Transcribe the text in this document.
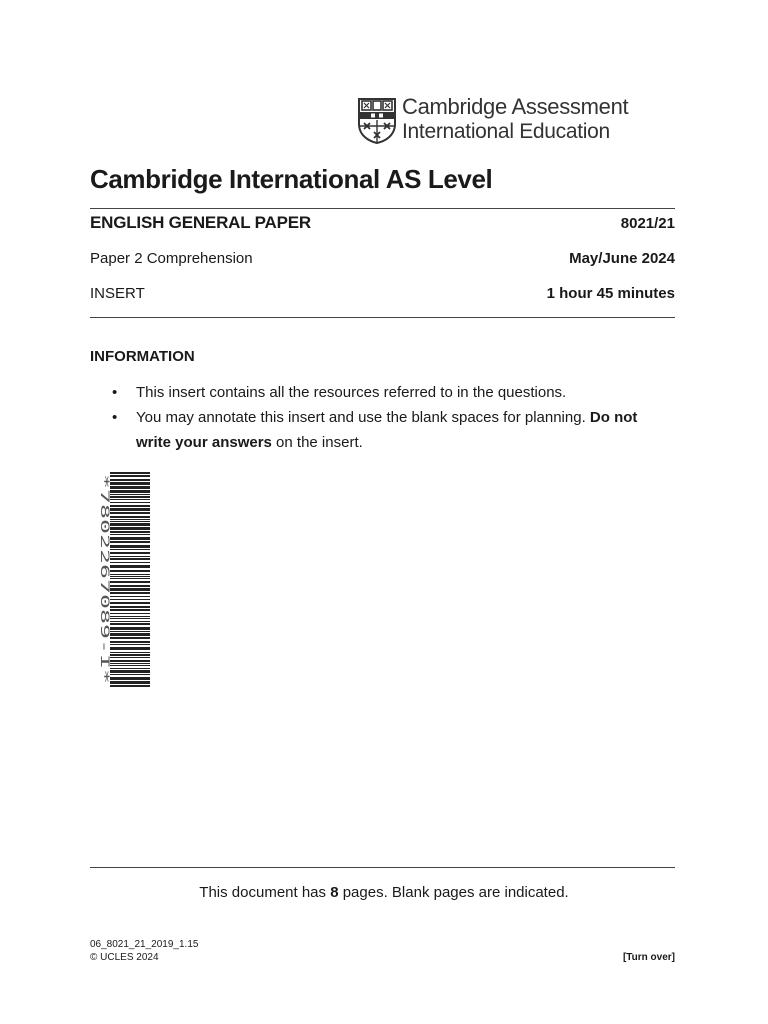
Cambridge Assessment
International Education
Cambridge International AS Level
ENGLISH GENERAL PAPER	8021/21
Paper 2 Comprehension	May/June 2024
INSERT	1 hour 45 minutes
INFORMATION
• This insert contains all the resources referred to in the questions.
• You may annotate this insert and use the blank spaces for planning. Do not write your answers on the insert.
*7802267089-I*
This document has 8 pages. Blank pages are indicated.
06_8021_21_2019_1.15
© UCLES 2024	[Turn over]
